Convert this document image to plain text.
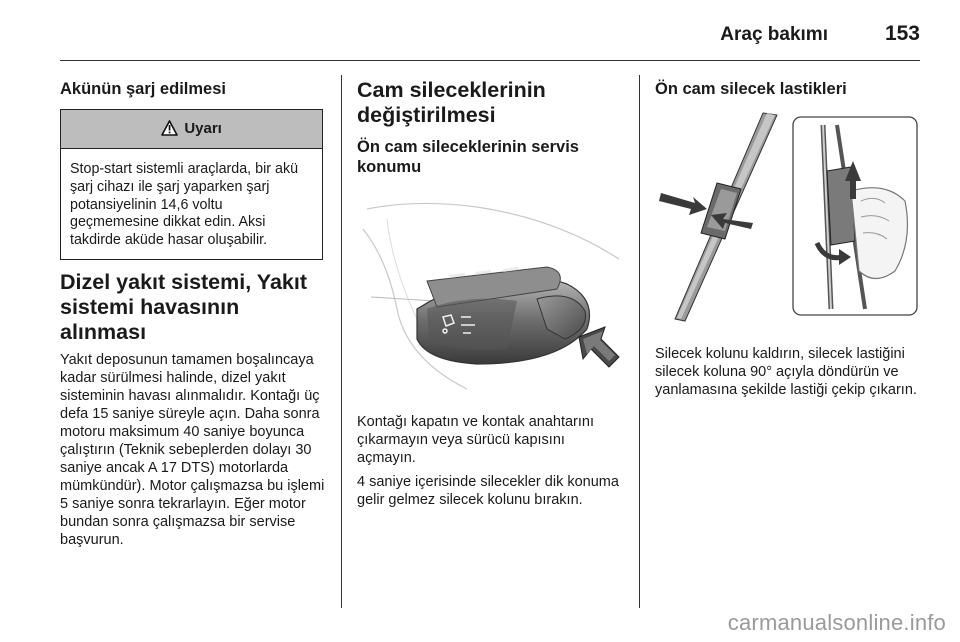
Araç bakımı	153
Akünün şarj edilmesi
Uyarı
Stop-start sistemli araçlarda, bir akü şarj cihazı ile şarj yaparken şarj potansiyelinin 14,6 voltu geçmemesine dikkat edin. Aksi takdirde aküde hasar oluşabilir.
Dizel yakıt sistemi, Yakıt sistemi havasının alınması

Yakıt deposunun tamamen boşalıncaya kadar sürülmesi halinde, dizel yakıt sisteminin havası alınmalıdır. Kontağı üç defa 15 saniye süreyle açın. Daha sonra motoru maksimum 40 saniye boyunca çalıştırın (Teknik sebeplerden dolayı 30 saniye ancak A 17 DTS) motorlarda mümkündür). Motor çalışmazsa bu işlemi 5 saniye sonra tekrarlayın. Eğer motor bundan sonra çalışmazsa bir servise başvurun.

Cam sileceklerinin değiştirilmesi
Ön cam sileceklerinin servis konumu

Kontağı kapatın ve kontak anahtarını çıkarmayın veya sürücü kapısını açmayın.

4 saniye içerisinde silecekler dik konuma gelir gelmez silecek kolunu bırakın.

Ön cam silecek lastikleri

Silecek kolunu kaldırın, silecek lastiğini silecek koluna 90° açıyla döndürün ve yanlamasına şekilde lastiği çekip çıkarın.

carmanualsonline.info
